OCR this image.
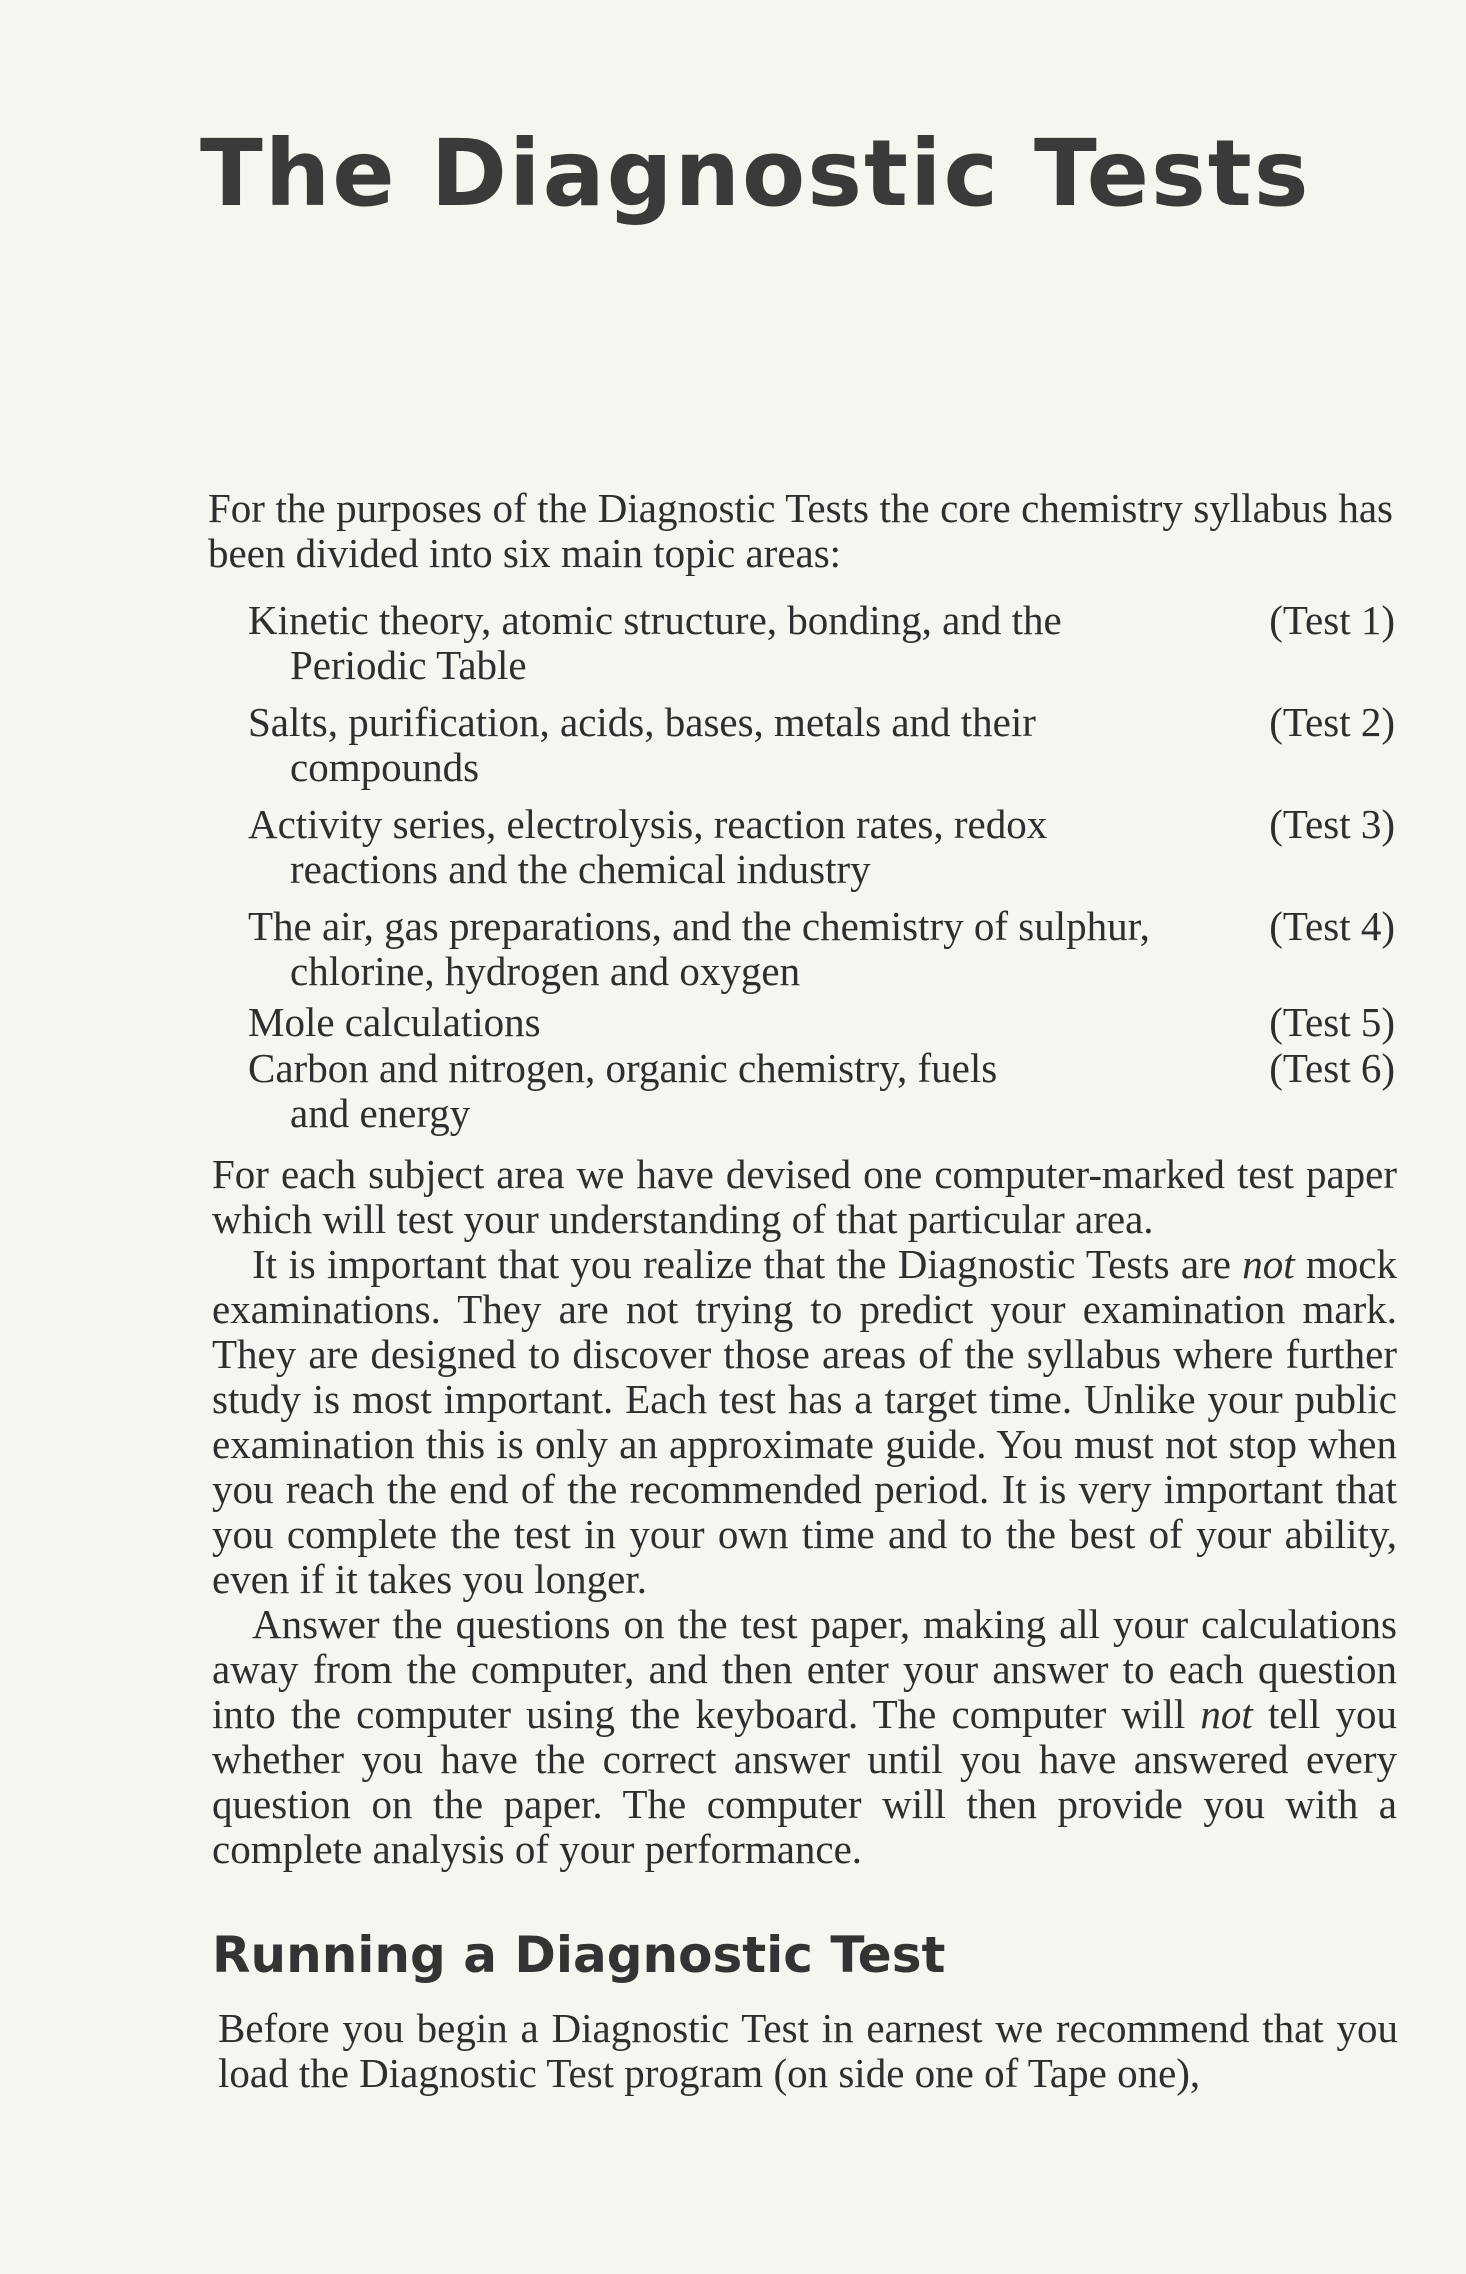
The Diagnostic Tests

For the purposes of the Diagnostic Tests the core chemistry syllabus has been divided into six main topic areas:

Kinetic theory, atomic structure, bonding, and the
Periodic Table
(Test 1)
Salts, purification, acids, bases, metals and their
compounds
(Test 2)
Activity series, electrolysis, reaction rates, redox
reactions and the chemical industry
(Test 3)
The air, gas preparations, and the chemistry of sulphur,
chlorine, hydrogen and oxygen
(Test 4)
Mole calculations	(Test 5)
Carbon and nitrogen, organic chemistry, fuels
and energy
(Test 6)

For each subject area we have devised one computer-marked test paper which will test your understanding of that particular area.

It is important that you realize that the Diagnostic Tests are not mock examinations. They are not trying to predict your examination mark. They are designed to discover those areas of the syllabus where further study is most important. Each test has a target time. Unlike your public examination this is only an approximate guide. You must not stop when you reach the end of the recommended period. It is very important that you complete the test in your own time and to the best of your ability, even if it takes you longer.

Answer the questions on the test paper, making all your calculations away from the computer, and then enter your answer to each question into the computer using the keyboard. The computer will not tell you whether you have the correct answer until you have answered every question on the paper. The computer will then provide you with a complete analysis of your performance.

Running a Diagnostic Test

Before you begin a Diagnostic Test in earnest we recommend that you load the Diagnostic Test program (on side one of Tape one),
